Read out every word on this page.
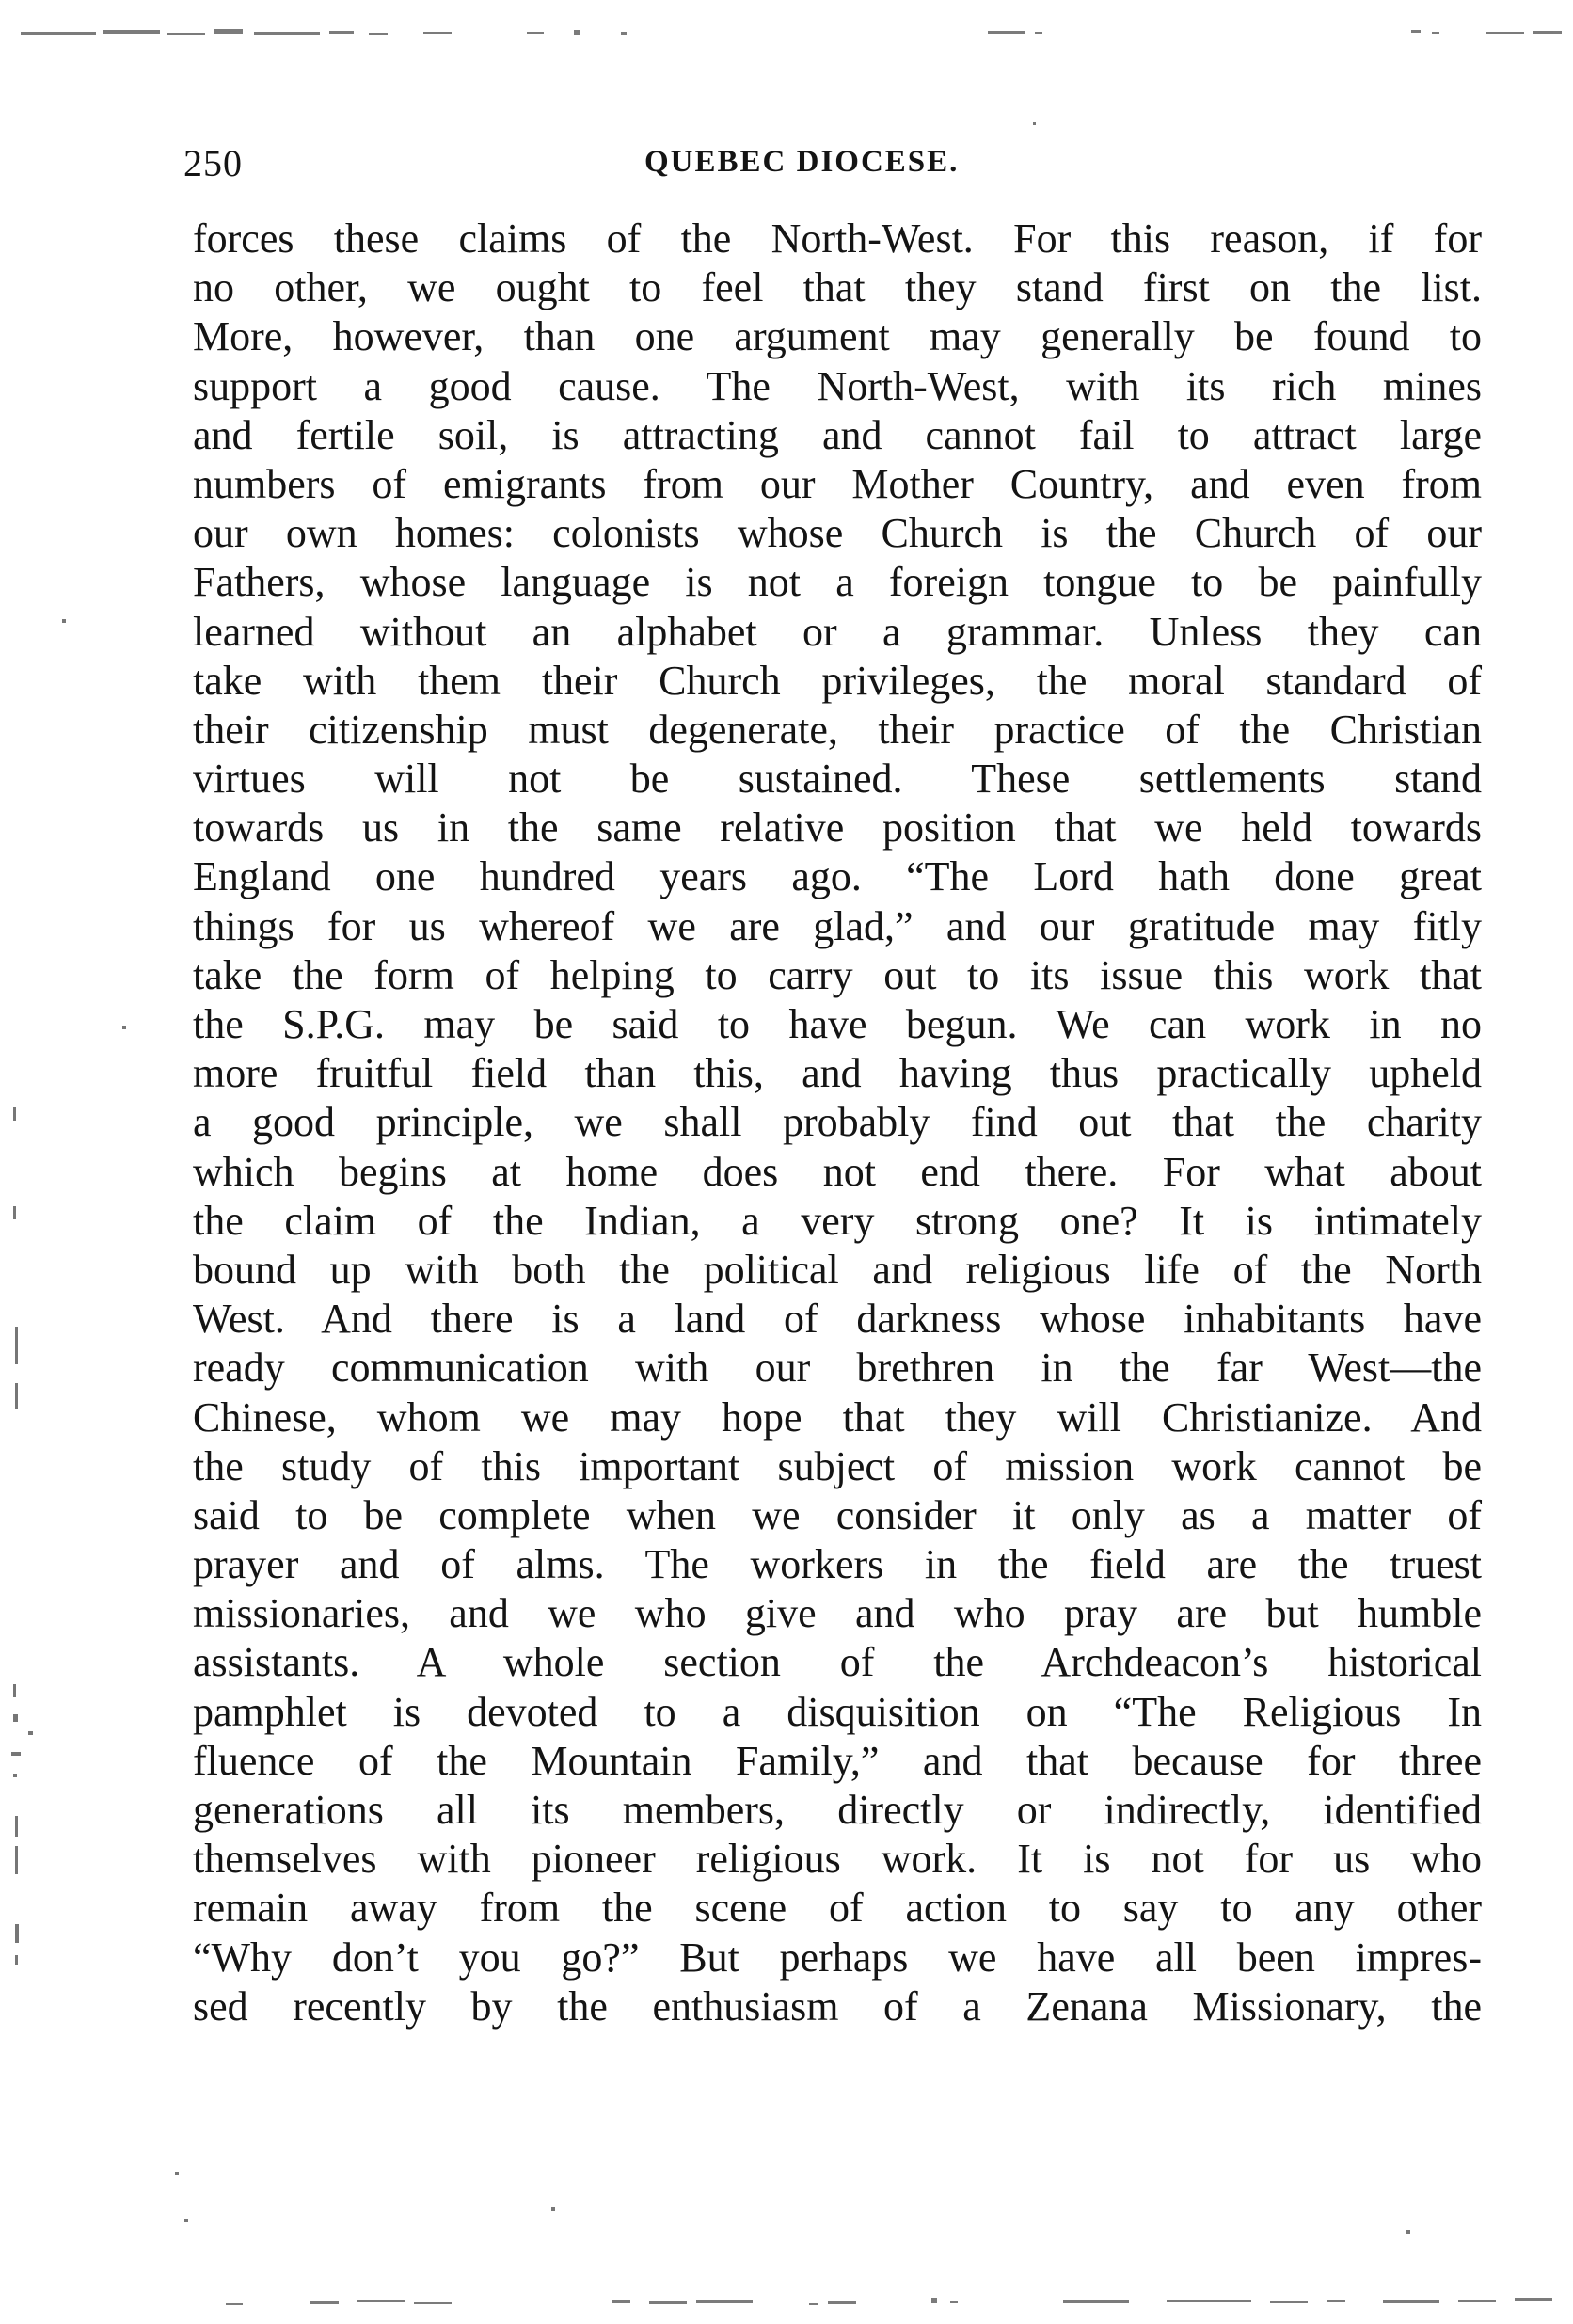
250	QUEBEC DIOCESE.
forces these claims of the North-West. For this reason, if for
no other, we ought to feel that they stand first on the list.
More, however, than one argument may generally be found to
support a good cause. The North-West, with its rich mines
and fertile soil, is attracting and cannot fail to attract large
numbers of emigrants from our Mother Country, and even from
our own homes: colonists whose Church is the Church of our
Fathers, whose language is not a foreign tongue to be painfully
learned without an alphabet or a grammar. Unless they can
take with them their Church privileges, the moral standard of
their citizenship must degenerate, their practice of the Christian
virtues will not be sustained. These settlements stand
towards us in the same relative position that we held towards
England one hundred years ago. “The Lord hath done great
things for us whereof we are glad,” and our gratitude may fitly
take the form of helping to carry out to its issue this work that
the S.P.G. may be said to have begun. We can work in no
more fruitful field than this, and having thus practically upheld
a good principle, we shall probably find out that the charity
which begins at home does not end there. For what about
the claim of the Indian, a very strong one? It is intimately
bound up with both the political and religious life of the North
West. And there is a land of darkness whose inhabitants have
ready communication with our brethren in the far West—the
Chinese, whom we may hope that they will Christianize. And
the study of this important subject of mission work cannot be
said to be complete when we consider it only as a matter of
prayer and of alms. The workers in the field are the truest
missionaries, and we who give and who pray are but humble
assistants. A whole section of the Archdeacon’s historical
pamphlet is devoted to a disquisition on “The Religious In
fluence of the Mountain Family,” and that because for three
generations all its members, directly or indirectly, identified
themselves with pioneer religious work. It is not for us who
remain away from the scene of action to say to any other
“Why don’t you go?” But perhaps we have all been impres-
sed recently by the enthusiasm of a Zenana Missionary, the
